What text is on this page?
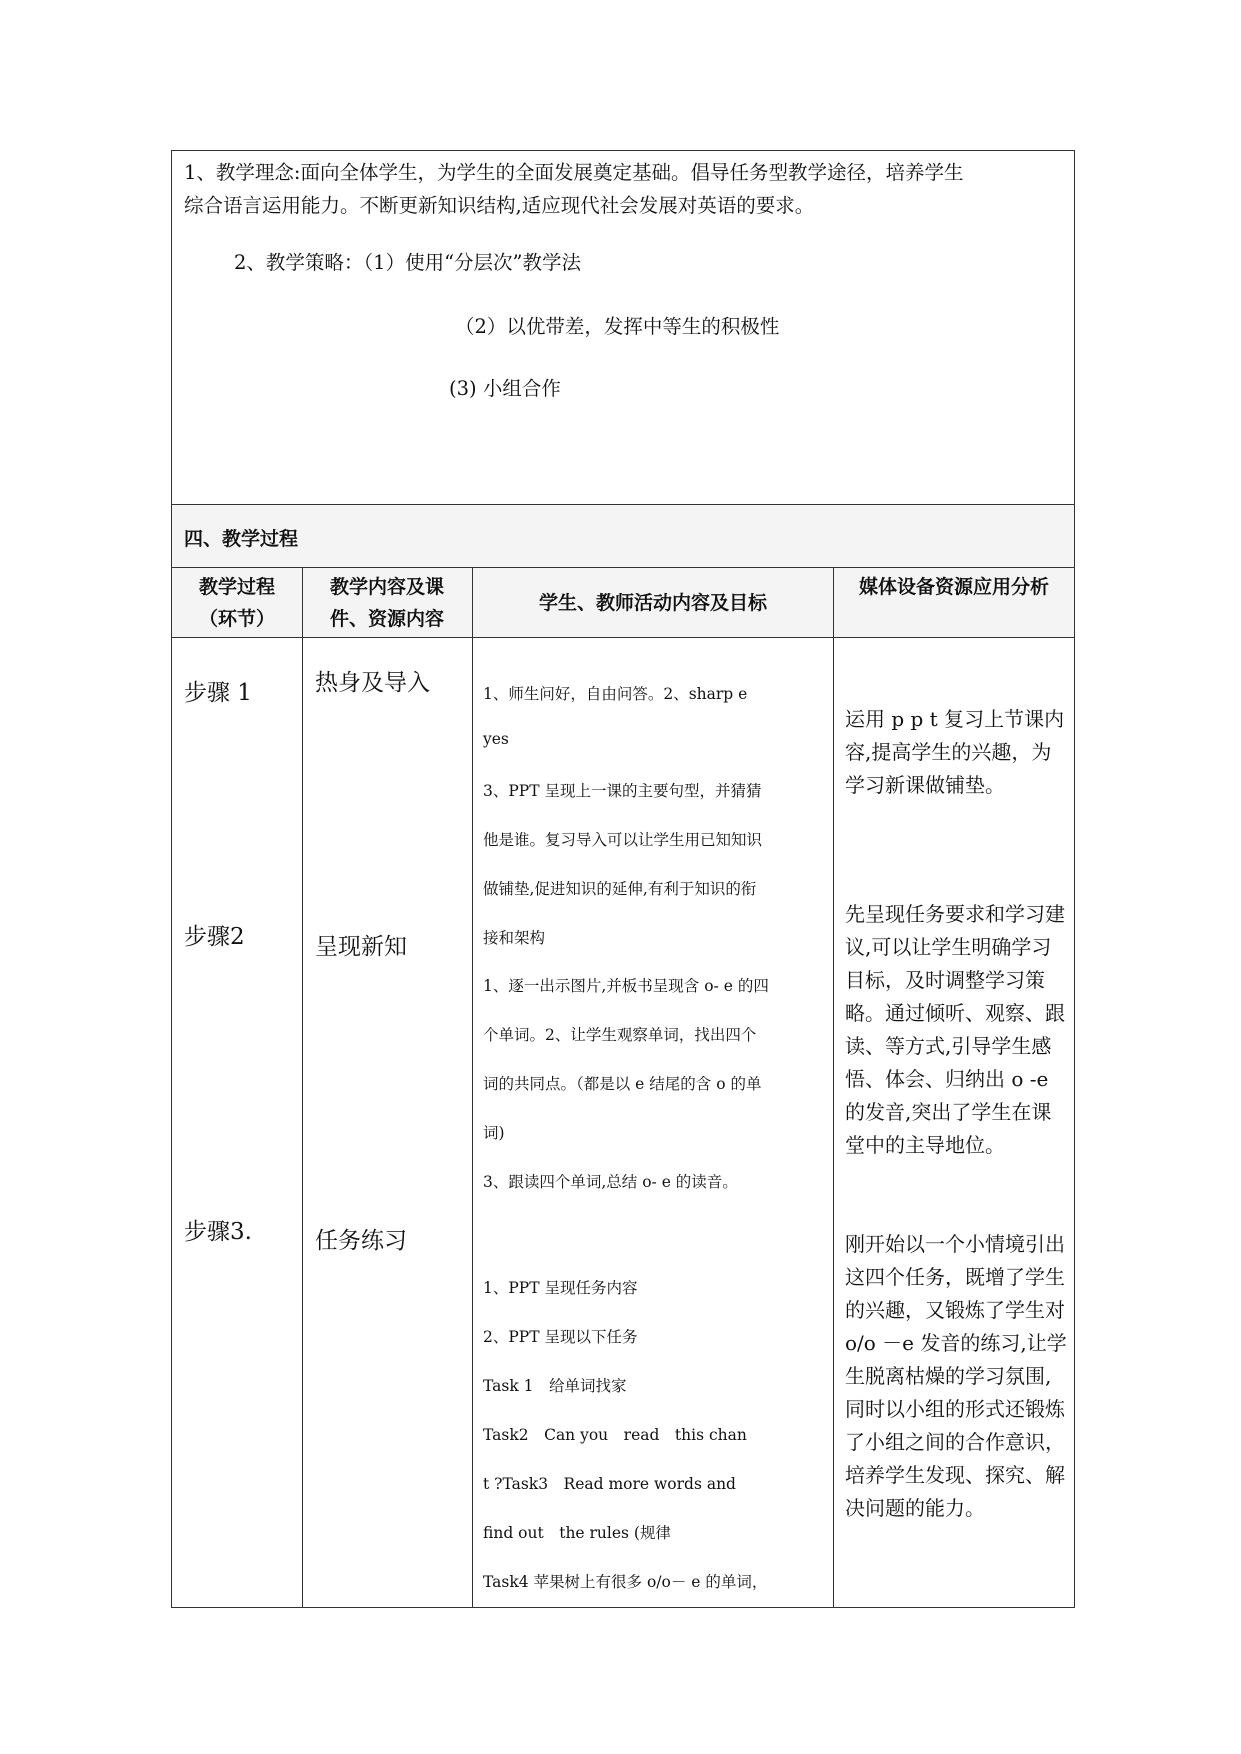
1、教学理念:面向全体学生，为学生的全面发展奠定基础。倡导任务型教学途径，培养学生
综合语言运用能力。不断更新知识结构,适应现代社会发展对英语的要求。
2、教学策略：（1）使用“分层次”教学法
（2）以优带差，发挥中等生的积极性
(3) 小组合作
四、教学过程
教学过程（环节）
教学内容及课件、资源内容
学生、教师活动内容及目标
媒体设备资源应用分析
步骤 1
步骤2
步骤3.
热身及导入
呈现新知
任务练习
1、师生问好，自由问答。2、sharp e
yes
3、PPT 呈现上一课的主要句型，并猜猜
他是谁。复习导入可以让学生用已知知识
做铺垫,促进知识的延伸,有利于知识的衔
接和架构
1、逐一出示图片,并板书呈现含 o- e 的四
个单词。2、让学生观察单词，找出四个
词的共同点。（都是以 e 结尾的含 o 的单
词)
3、跟读四个单词,总结 o- e 的读音。
1、PPT 呈现任务内容
2、PPT 呈现以下任务
Task 1　给单词找家
Task2　Can you　read　this chan
t ?Task3　Read more words and
find out　the rules (规律
Task4 苹果树上有很多 o/o－ e 的单词，
运用 p p t 复习上节课内容,提高学生的兴趣，为学习新课做铺垫。
先呈现任务要求和学习建议,可以让学生明确学习目标，及时调整学习策略。通过倾听、观察、跟读、等方式,引导学生感悟、体会、归纳出 o -e 的发音,突出了学生在课堂中的主导地位。
刚开始以一个小情境引出这四个任务，既增了学生的兴趣，又锻炼了学生对 o/o －e 发音的练习,让学生脱离枯燥的学习氛围,同时以小组的形式还锻炼了小组之间的合作意识，培养学生发现、探究、解决问题的能力。
